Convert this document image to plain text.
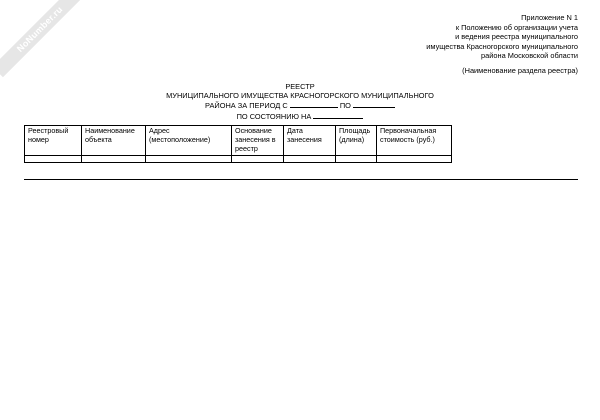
NoNumber.ru	Приложение N 1
к Положению об организации учета
и ведения реестра муниципального
имущества Красногорского муниципального
района Московской области
(Наименование раздела реестра)
РЕЕСТР
МУНИЦИПАЛЬНОГО ИМУЩЕСТВА КРАСНОГОРСКОГО МУНИЦИПАЛЬНОГО
РАЙОНА ЗА ПЕРИОД С	ПО
ПО СОСТОЯНИЮ НА
Реестровый номер	Наименование объекта	Адрес (местоположение)	Основание занесения в реестр	Дата занесения	Площадь (длина)	Первоначальная стоимость (руб.)
